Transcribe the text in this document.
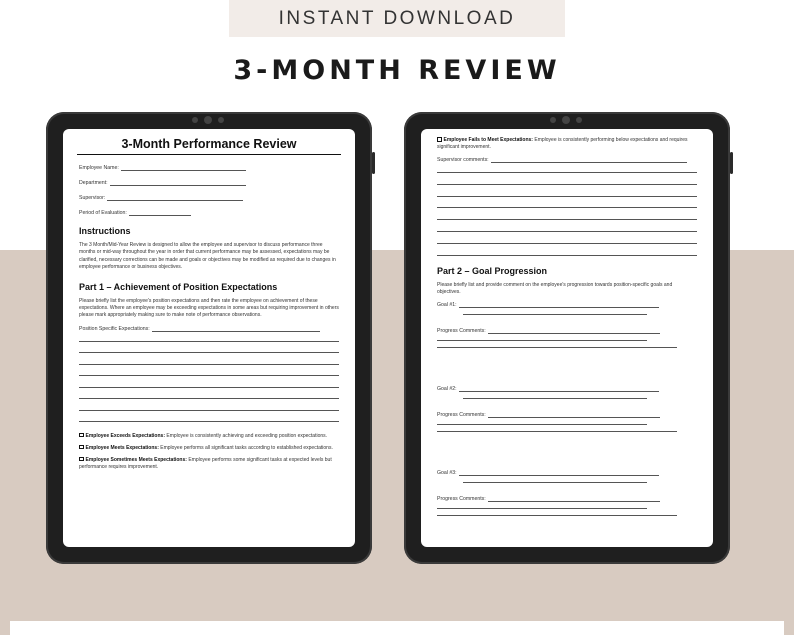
INSTANT DOWNLOAD
3-MONTH REVIEW
3-Month Performance Review
Employee Name:
Department:
Supervisor:
Period of Evaluation:
Instructions
The 3 Month/Mid-Year Review is designed to allow the employee and supervisor to discuss performance three months or mid-way throughout the year in order that current performance may be assessed, expectations may be clarified, necessary corrections can be made and goals or objectives may be modified as required due to changes in employee performance or business objectives.
Part 1 – Achievement of Position Expectations
Please briefly list the employee's position expectations and then rate the employee on achievement of these expectations. Where an employee may be exceeding expectations in some areas but requiring improvement in others please mark appropriately making sure to make note of performance observations.
Position Specific Expectations:
Employee Exceeds Expectations: Employee is consistently achieving and exceeding position expectations.
Employee Meets Expectations: Employee performs all significant tasks according to established expectations.
Employee Sometimes Meets Expectations: Employee performs some significant tasks at expected levels but performance requires improvement.
Employee Fails to Meet Expectations: Employee is consistently performing below expectations and requires significant improvement.
Supervisor comments:
Part 2 – Goal Progression
Please briefly list and provide comment on the employee's progression towards position-specific goals and objectives.
Goal #1:
Progress Comments:
Goal #2:
Progress Comments:
Goal #3:
Progress Comments:
